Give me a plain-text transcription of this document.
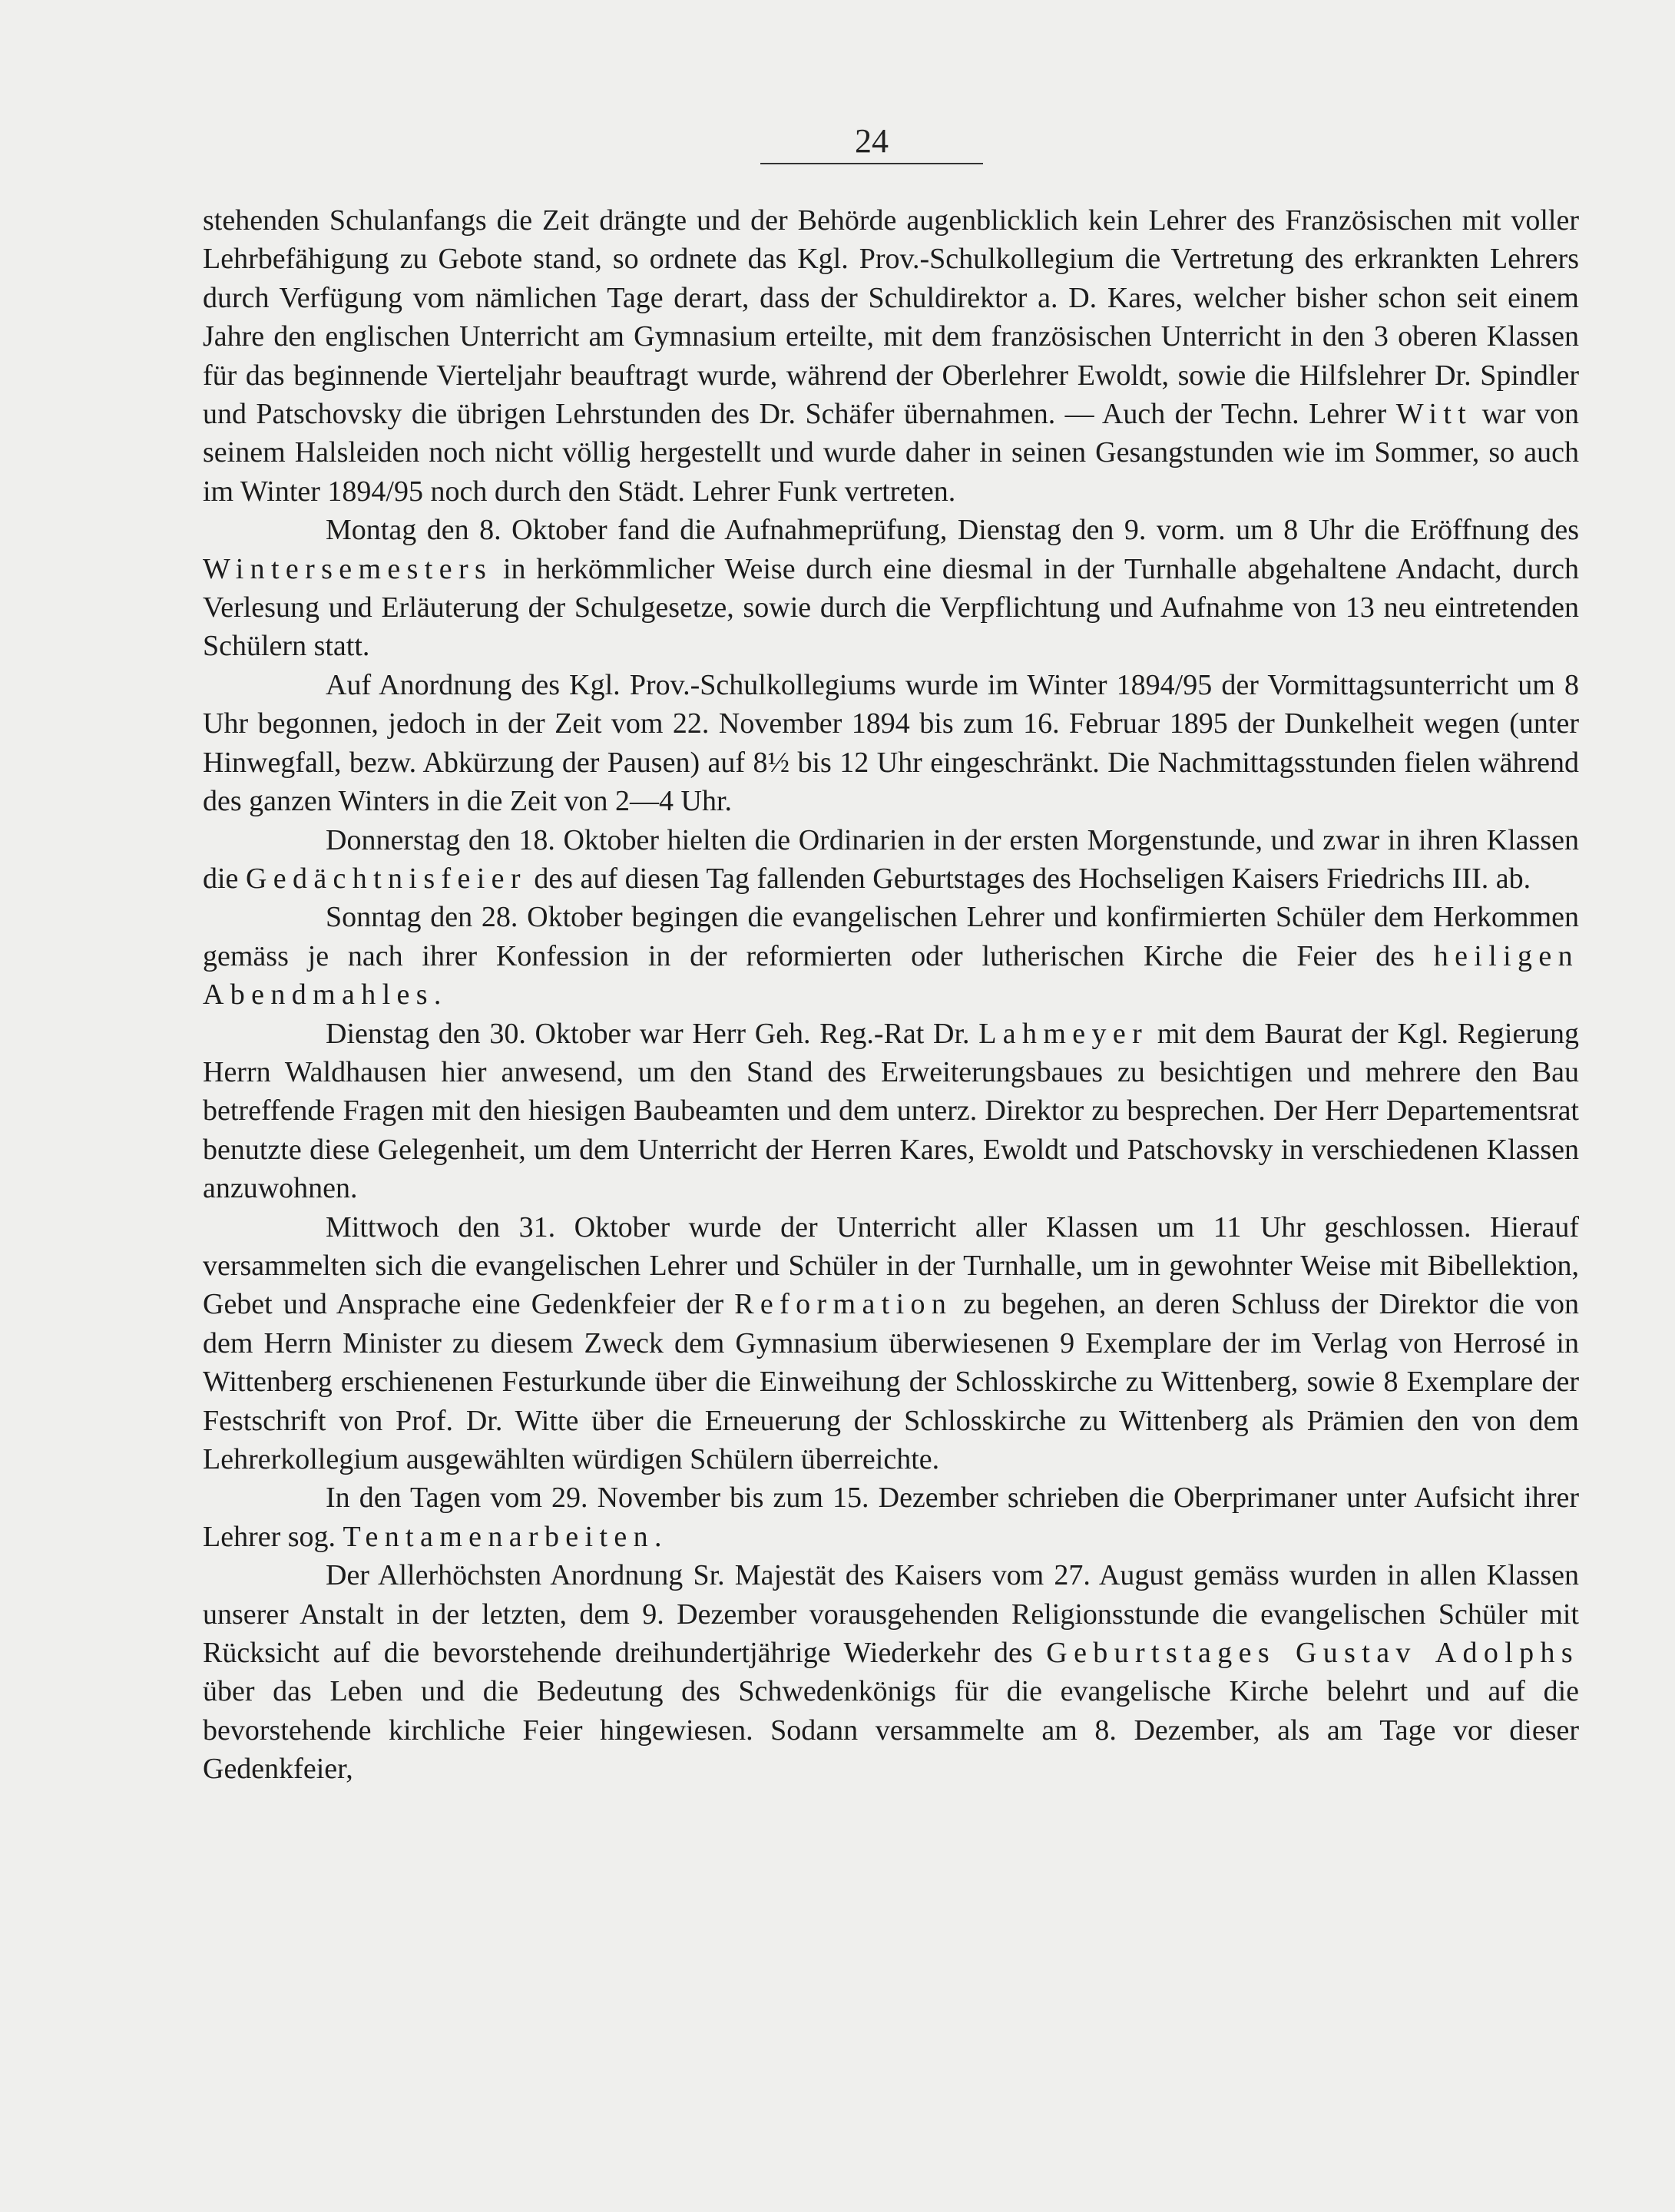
24

stehenden Schulanfangs die Zeit drängte und der Behörde augenblicklich kein Lehrer des Französischen mit voller Lehrbefähigung zu Gebote stand, so ordnete das Kgl. Prov.-Schulkollegium die Vertretung des erkrankten Lehrers durch Verfügung vom nämlichen Tage derart, dass der Schuldirektor a. D. Kares, welcher bisher schon seit einem Jahre den englischen Unterricht am Gymnasium erteilte, mit dem französischen Unterricht in den 3 oberen Klassen für das beginnende Vierteljahr beauftragt wurde, während der Oberlehrer Ewoldt, sowie die Hilfslehrer Dr. Spindler und Patschovsky die übrigen Lehrstunden des Dr. Schäfer übernahmen. — Auch der Techn. Lehrer Witt war von seinem Halsleiden noch nicht völlig hergestellt und wurde daher in seinen Gesangstunden wie im Sommer, so auch im Winter 1894/95 noch durch den Städt. Lehrer Funk vertreten.

Montag den 8. Oktober fand die Aufnahmeprüfung, Dienstag den 9. vorm. um 8 Uhr die Eröffnung des Wintersemesters in herkömmlicher Weise durch eine diesmal in der Turnhalle abgehaltene Andacht, durch Verlesung und Erläuterung der Schulgesetze, sowie durch die Verpflichtung und Aufnahme von 13 neu eintretenden Schülern statt.

Auf Anordnung des Kgl. Prov.-Schulkollegiums wurde im Winter 1894/95 der Vormittagsunterricht um 8 Uhr begonnen, jedoch in der Zeit vom 22. November 1894 bis zum 16. Februar 1895 der Dunkelheit wegen (unter Hinwegfall, bezw. Abkürzung der Pausen) auf 8½ bis 12 Uhr eingeschränkt. Die Nachmittagsstunden fielen während des ganzen Winters in die Zeit von 2—4 Uhr.

Donnerstag den 18. Oktober hielten die Ordinarien in der ersten Morgenstunde, und zwar in ihren Klassen die Gedächtnisfeier des auf diesen Tag fallenden Geburtstages des Hochseligen Kaisers Friedrichs III. ab.

Sonntag den 28. Oktober begingen die evangelischen Lehrer und konfirmierten Schüler dem Herkommen gemäss je nach ihrer Konfession in der reformierten oder lutherischen Kirche die Feier des heiligen Abendmahles.

Dienstag den 30. Oktober war Herr Geh. Reg.-Rat Dr. Lahmeyer mit dem Baurat der Kgl. Regierung Herrn Waldhausen hier anwesend, um den Stand des Erweiterungsbaues zu besichtigen und mehrere den Bau betreffende Fragen mit den hiesigen Baubeamten und dem unterz. Direktor zu besprechen. Der Herr Departementsrat benutzte diese Gelegenheit, um dem Unterricht der Herren Kares, Ewoldt und Patschovsky in verschiedenen Klassen anzuwohnen.

Mittwoch den 31. Oktober wurde der Unterricht aller Klassen um 11 Uhr geschlossen. Hierauf versammelten sich die evangelischen Lehrer und Schüler in der Turnhalle, um in gewohnter Weise mit Bibellektion, Gebet und Ansprache eine Gedenkfeier der Reformation zu begehen, an deren Schluss der Direktor die von dem Herrn Minister zu diesem Zweck dem Gymnasium überwiesenen 9 Exemplare der im Verlag von Herrosé in Wittenberg erschienenen Festurkunde über die Einweihung der Schlosskirche zu Wittenberg, sowie 8 Exemplare der Festschrift von Prof. Dr. Witte über die Erneuerung der Schlosskirche zu Wittenberg als Prämien den von dem Lehrerkollegium ausgewählten würdigen Schülern überreichte.

In den Tagen vom 29. November bis zum 15. Dezember schrieben die Oberprimaner unter Aufsicht ihrer Lehrer sog. Tentamenarbeiten.

Der Allerhöchsten Anordnung Sr. Majestät des Kaisers vom 27. August gemäss wurden in allen Klassen unserer Anstalt in der letzten, dem 9. Dezember vorausgehenden Religionsstunde die evangelischen Schüler mit Rücksicht auf die bevorstehende dreihundertjährige Wiederkehr des Geburtstages Gustav Adolphs über das Leben und die Bedeutung des Schwedenkönigs für die evangelische Kirche belehrt und auf die bevorstehende kirchliche Feier hingewiesen. Sodann versammelte am 8. Dezember, als am Tage vor dieser Gedenkfeier,
